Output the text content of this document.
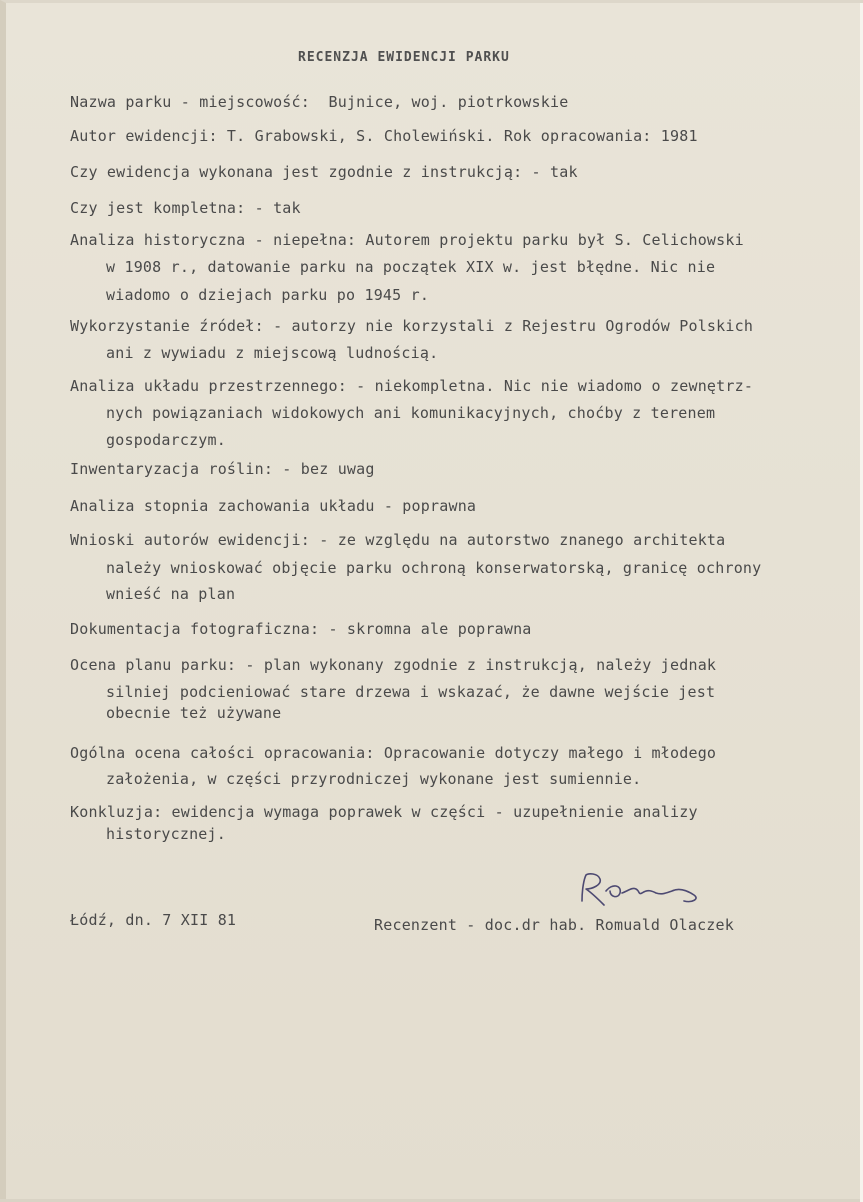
RECENZJA EWIDENCJI PARKU
Nazwa parku - miejscowość:  Bujnice, woj. piotrkowskie
Autor ewidencji: T. Grabowski, S. Cholewiński. Rok opracowania: 1981
Czy ewidencja wykonana jest zgodnie z instrukcją: - tak
Czy jest kompletna: - tak
Analiza historyczna - niepełna: Autorem projektu parku był S. Celichowski
w 1908 r., datowanie parku na początek XIX w. jest błędne. Nic nie
wiadomo o dziejach parku po 1945 r.
Wykorzystanie źródeł: - autorzy nie korzystali z Rejestru Ogrodów Polskich
ani z wywiadu z miejscową ludnością.
Analiza układu przestrzennego: - niekompletna. Nic nie wiadomo o zewnętrz-
nych powiązaniach widokowych ani komunikacyjnych, choćby z terenem
gospodarczym.
Inwentaryzacja roślin: - bez uwag
Analiza stopnia zachowania układu - poprawna
Wnioski autorów ewidencji: - ze względu na autorstwo znanego architekta
należy wnioskować objęcie parku ochroną konserwatorską, granicę ochrony
wnieść na plan
Dokumentacja fotograficzna: - skromna ale poprawna
Ocena planu parku: - plan wykonany zgodnie z instrukcją, należy jednak
silniej podcieniować stare drzewa i wskazać, że dawne wejście jest
obecnie też używane
Ogólna ocena całości opracowania: Opracowanie dotyczy małego i młodego
założenia, w części przyrodniczej wykonane jest sumiennie.
Konkluzja: ewidencja wymaga poprawek w części - uzupełnienie analizy
historycznej.
Łódź, dn. 7 XII 81	Recenzent - doc.dr hab. Romuald Olaczek
